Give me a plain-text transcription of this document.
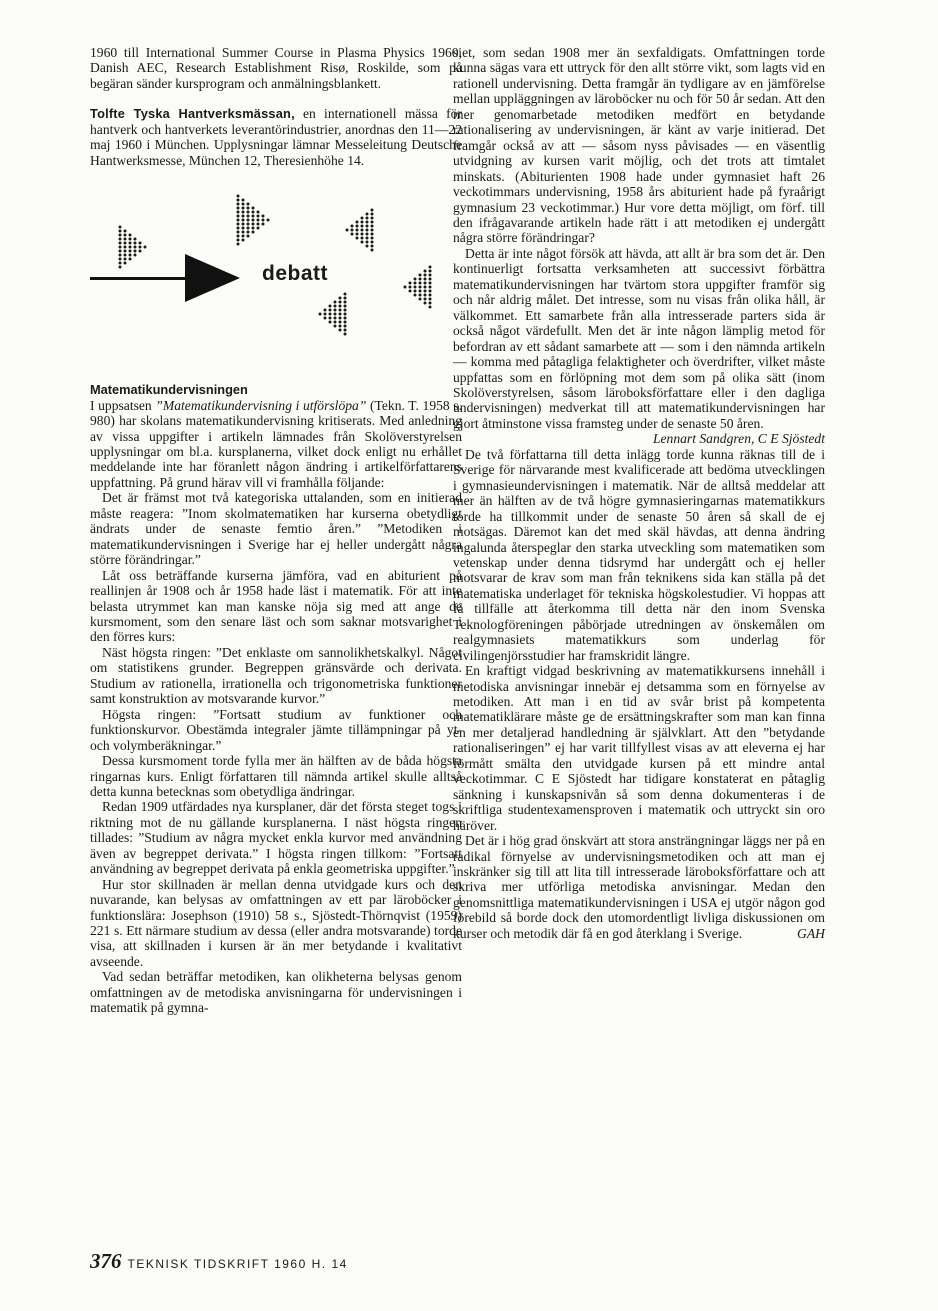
1960 till International Summer Course in Plasma Physics 1960, Danish AEC, Research Establishment Risø, Roskilde, som på begäran sänder kursprogram och anmälningsblankett.

Tolfte Tyska Hantverksmässan, en internationell mässa för hantverk och hantverkets leverantörindustrier, anordnas den 11—22 maj 1960 i München. Upplysningar lämnar Messeleitung Deutsche Hantwerksmesse, München 12, Theresienhöhe 14.

debatt

Matematikundervisningen

I uppsatsen ”Matematikundervisning i utförslöpa” (Tekn. T. 1958 s. 980) har skolans matematikundervisning kritiserats. Med anledning av vissa uppgifter i artikeln lämnades från Skolöverstyrelsen upplysningar om bl.a. kursplanerna, vilket dock enligt nu erhållet meddelande inte har föranlett någon ändring i artikelförfattarens uppfattning. På grund härav vill vi framhålla följande:

Det är främst mot två kategoriska uttalanden, som en initierad måste reagera: ”Inom skolmatematiken har kurserna obetydligt ändrats under de senaste femtio åren.” ”Metodiken i matematikundervisningen i Sverige har ej heller undergått några större förändringar.”

Låt oss beträffande kurserna jämföra, vad en abiturient på reallinjen år 1908 och år 1958 hade läst i matematik. För att inte belasta utrymmet kan man kanske nöja sig med att ange de kursmoment, som den senare läst och som saknar motsvarighet i den förres kurs:

Näst högsta ringen: ”Det enklaste om sannolikhetskalkyl. Något om statistikens grunder. Begreppen gränsvärde och derivata. Studium av rationella, irrationella och trigonometriska funktioner samt konstruktion av motsvarande kurvor.”

Högsta ringen: ”Fortsatt studium av funktioner och funktionskurvor. Obestämda integraler jämte tillämpningar på yt- och volymberäkningar.”

Dessa kursmoment torde fylla mer än hälften av de båda högsta ringarnas kurs. Enligt författaren till nämnda artikel skulle alltså detta kunna betecknas som obetydliga ändringar.

Redan 1909 utfärdades nya kursplaner, där det första steget togs i riktning mot de nu gällande kursplanerna. I näst högsta ringen tillades: ”Studium av några mycket enkla kurvor med användning även av begreppet derivata.” I högsta ringen tillkom: ”Fortsatt användning av begreppet derivata på enkla geometriska uppgifter.”

Hur stor skillnaden är mellan denna utvidgade kurs och den nuvarande, kan belysas av omfattningen av ett par läroböcker i funktionslära: Josephson (1910) 58 s., Sjöstedt-Thörnqvist (1959) 221 s. Ett närmare studium av dessa (eller andra motsvarande) torde visa, att skillnaden i kursen är än mer betydande i kvalitativt avseende.

Vad sedan beträffar metodiken, kan olikheterna belysas genom omfattningen av de metodiska anvisningarna för undervisningen i matematik på gymna-

siet, som sedan 1908 mer än sexfaldigats. Omfattningen torde kunna sägas vara ett uttryck för den allt större vikt, som lagts vid en rationell undervisning. Detta framgår än tydligare av en jämförelse mellan uppläggningen av läroböcker nu och för 50 år sedan. Att den mer genomarbetade metodiken medfört en betydande rationalisering av undervisningen, är känt av varje initierad. Det framgår också av att — såsom nyss påvisades — en väsentlig utvidgning av kursen varit möjlig, och det trots att timtalet minskats. (Abiturienten 1908 hade under gymnasiet haft 26 veckotimmars undervisning, 1958 års abiturient hade på fyraårigt gymnasium 23 veckotimmar.) Hur vore detta möjligt, om förf. till den ifrågavarande artikeln hade rätt i att metodiken ej undergått några större förändringar?

Detta är inte något försök att hävda, att allt är bra som det är. Den kontinuerligt fortsatta verksamheten att successivt förbättra matematikundervisningen har tvärtom stora uppgifter framför sig och når aldrig målet. Det intresse, som nu visas från olika håll, är välkommet. Ett samarbete från alla intresserade parters sida är också något värdefullt. Men det är inte någon lämplig metod för befordran av ett sådant samarbete att — som i den nämnda artikeln — komma med påtagliga felaktigheter och överdrifter, vilket måste uppfattas som en förlöpning mot dem som på olika sätt (inom Skolöverstyrelsen, såsom läroboksförfattare eller i den dagliga undervisningen) medverkat till att matematikundervisningen har gjort åtminstone vissa framsteg under de senaste 50 åren.
Lennart Sandgren, C E Sjöstedt

De två författarna till detta inlägg torde kunna räknas till de i Sverige för närvarande mest kvalificerade att bedöma utvecklingen i gymnasieundervisningen i matematik. När de alltså meddelar att mer än hälften av de två högre gymnasieringarnas matematikkurs torde ha tillkommit under de senaste 50 åren så skall de ej motsägas. Däremot kan det med skäl hävdas, att denna ändring ingalunda återspeglar den starka utveckling som matematiken som vetenskap under denna tidsrymd har undergått och ej heller motsvarar de krav som man från teknikens sida kan ställa på det matematiska underlaget för tekniska högskolestudier. Vi hoppas att få tillfälle att återkomma till detta när den inom Svenska Teknologföreningen påbörjade utredningen av önskemålen om realgymnasiets matematikkurs som underlag för civilingenjörsstudier har framskridit längre.

En kraftigt vidgad beskrivning av matematikkursens innehåll i metodiska anvisningar innebär ej detsamma som en förnyelse av metodiken. Att man i en tid av svår brist på kompetenta matematiklärare måste ge de ersättningskrafter som man kan finna en mer detaljerad handledning är självklart. Att den ”betydande rationaliseringen” ej har varit tillfyllest visas av att eleverna ej har förmått smälta den utvidgade kursen på ett mindre antal veckotimmar. C E Sjöstedt har tidigare konstaterat en påtaglig sänkning i kunskapsnivån så som denna dokumenteras i de skriftliga studentexamensproven i matematik och uttryckt sin oro häröver.

Det är i hög grad önskvärt att stora ansträngningar läggs ner på en radikal förnyelse av undervisningsmetodiken och att man ej inskränker sig till att lita till intresserade läroboksförfattare och att skriva mer utförliga metodiska anvisningar. Medan den genomsnittliga matematikundervisningen i USA ej utgör någon god förebild så borde dock den utomordentligt livliga diskussionen om kurser och metodik där få en god återklang i Sverige.	GAH

376 TEKNISK TIDSKRIFT 1960 H. 14
